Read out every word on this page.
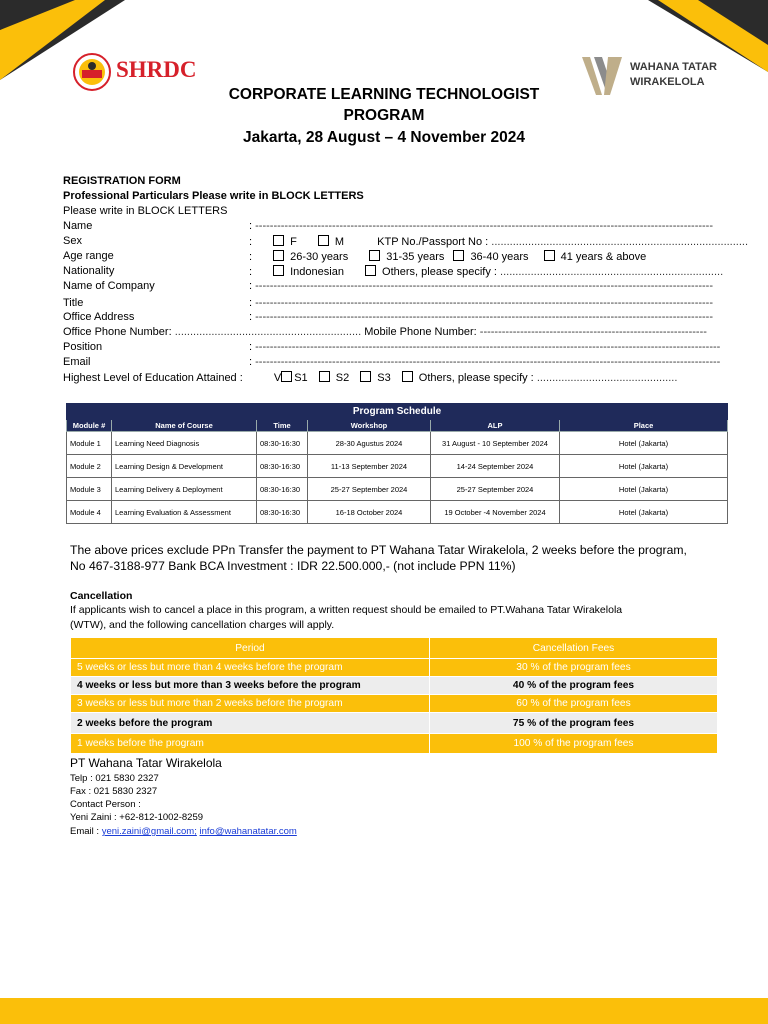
SHRDC	WAHANA TATAR
WIRAKELOLA
CORPORATE LEARNING TECHNOLOGIST
PROGRAM
Jakarta, 28 August – 4 November 2024
REGISTRATION FORM
Professional Particulars Please write in BLOCK LETTERS
Please write in BLOCK LETTERS
Name	: -----------------------------------------------------------------------------------------------------------------------------
Sex	:	F	M	KTP No./Passport No : ....................................................................................
Age range	:	26-30 years	31-35 years 36-40 years	41 years & above
Nationality	:	Indonesian	Others, please specify : .........................................................................
Name of Company	: -----------------------------------------------------------------------------------------------------------------------------
Title	: -----------------------------------------------------------------------------------------------------------------------------
Office Address	: -----------------------------------------------------------------------------------------------------------------------------
Office Phone Number: ............................................................. Mobile Phone Number: --------------------------------------------------------------
Position	: -------------------------------------------------------------------------------------------------------------------------------
Email	: -------------------------------------------------------------------------------------------------------------------------------
Highest Level of Education Attained :	V S1	S2	S3	Others, please specify : ..............................................
Program Schedule					
Module #	Name of Course	Time	Workshop	ALP	Place
Module 1	Learning Need Diagnosis	08:30-16:30	28-30 Agustus 2024	31 August - 10 September 2024	Hotel (Jakarta)
Module 2	Learning Design & Development	08:30-16:30	11-13 September 2024	14-24 September 2024	Hotel (Jakarta)
Module 3	Learning Delivery & Deployment	08:30-16:30	25-27 September 2024	25-27 September 2024	Hotel (Jakarta)
Module 4	Learning Evaluation & Assessment	08:30-16:30	16-18 October 2024	19 October -4 November 2024	Hotel (Jakarta)
The above prices exclude PPn Transfer the payment to PT Wahana Tatar Wirakelola, 2 weeks before the program,
No 467-3188-977 Bank BCA Investment : IDR 22.500.000,- (not include PPN 11%)
Cancellation
If applicants wish to cancel a place in this program, a written request should be emailed to PT.Wahana Tatar Wirakelola
(WTW), and the following cancellation charges will apply.
Period	Cancellation Fees
5 weeks or less but more than 4 weeks before the program	30 % of the program fees
4 weeks or less but more than 3 weeks before the program	40 % of the program fees
3 weeks or less but more than 2 weeks before the program	60 % of the program fees
2 weeks before the program	75 % of the program fees
1 weeks before the program	100 % of the program fees
PT Wahana Tatar Wirakelola
Telp : 021 5830 2327
Fax : 021 5830 2327
Contact Person :
Yeni Zaini : +62-812-1002-8259
Email : yeni.zaini@gmail.com; info@wahanatatar.com
